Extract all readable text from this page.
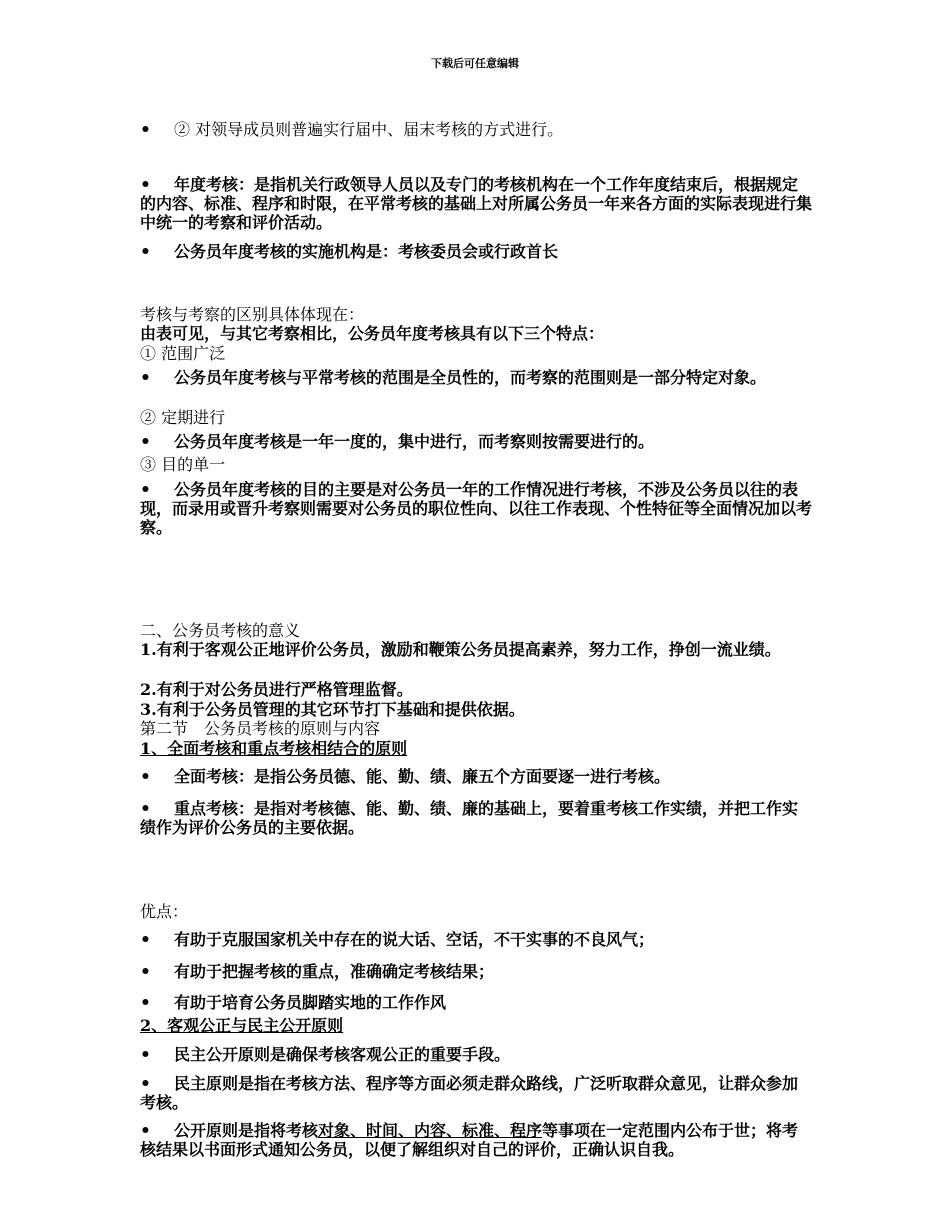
下载后可任意编辑
•	② 对领导成员则普遍实行届中、届末考核的方式进行。
•	年度考核：是指机关行政领导人员以及专门的考核机构在一个工作年度结束后，根据规定的内容、标准、程序和时限，在平常考核的基础上对所属公务员一年来各方面的实际表现进行集中统一的考察和评价活动。
•	公务员年度考核的实施机构是：考核委员会或行政首长
考核与考察的区别具体体现在：
由表可见，与其它考察相比，公务员年度考核具有以下三个特点：
① 范围广泛
•	公务员年度考核与平常考核的范围是全员性的，而考察的范围则是一部分特定对象。
② 定期进行
•	公务员年度考核是一年一度的，集中进行，而考察则按需要进行的。
③ 目的单一
•	公务员年度考核的目的主要是对公务员一年的工作情况进行考核，不涉及公务员以往的表现，而录用或晋升考察则需要对公务员的职位性向、以往工作表现、个性特征等全面情况加以考察。
二、公务员考核的意义
1.有利于客观公正地评价公务员，激励和鞭策公务员提高素养，努力工作，挣创一流业绩。
2.有利于对公务员进行严格管理监督。
3.有利于公务员管理的其它环节打下基础和提供依据。
第二节　公务员考核的原则与内容
1、全面考核和重点考核相结合的原则
•	全面考核：是指公务员德、能、勤、绩、廉五个方面要逐一进行考核。
•	重点考核：是指对考核德、能、勤、绩、廉的基础上，要着重考核工作实绩，并把工作实绩作为评价公务员的主要依据。
优点：
•	有助于克服国家机关中存在的说大话、空话，不干实事的不良风气；
•	有助于把握考核的重点，准确确定考核结果；
•	有助于培育公务员脚踏实地的工作作风
2、客观公正与民主公开原则
•	民主公开原则是确保考核客观公正的重要手段。
•	民主原则是指在考核方法、程序等方面必须走群众路线，广泛听取群众意见，让群众参加考核。
•	公开原则是指将考核对象、时间、内容、标准、程序等事项在一定范围内公布于世；将考核结果以书面形式通知公务员，以便了解组织对自己的评价，正确认识自我。
